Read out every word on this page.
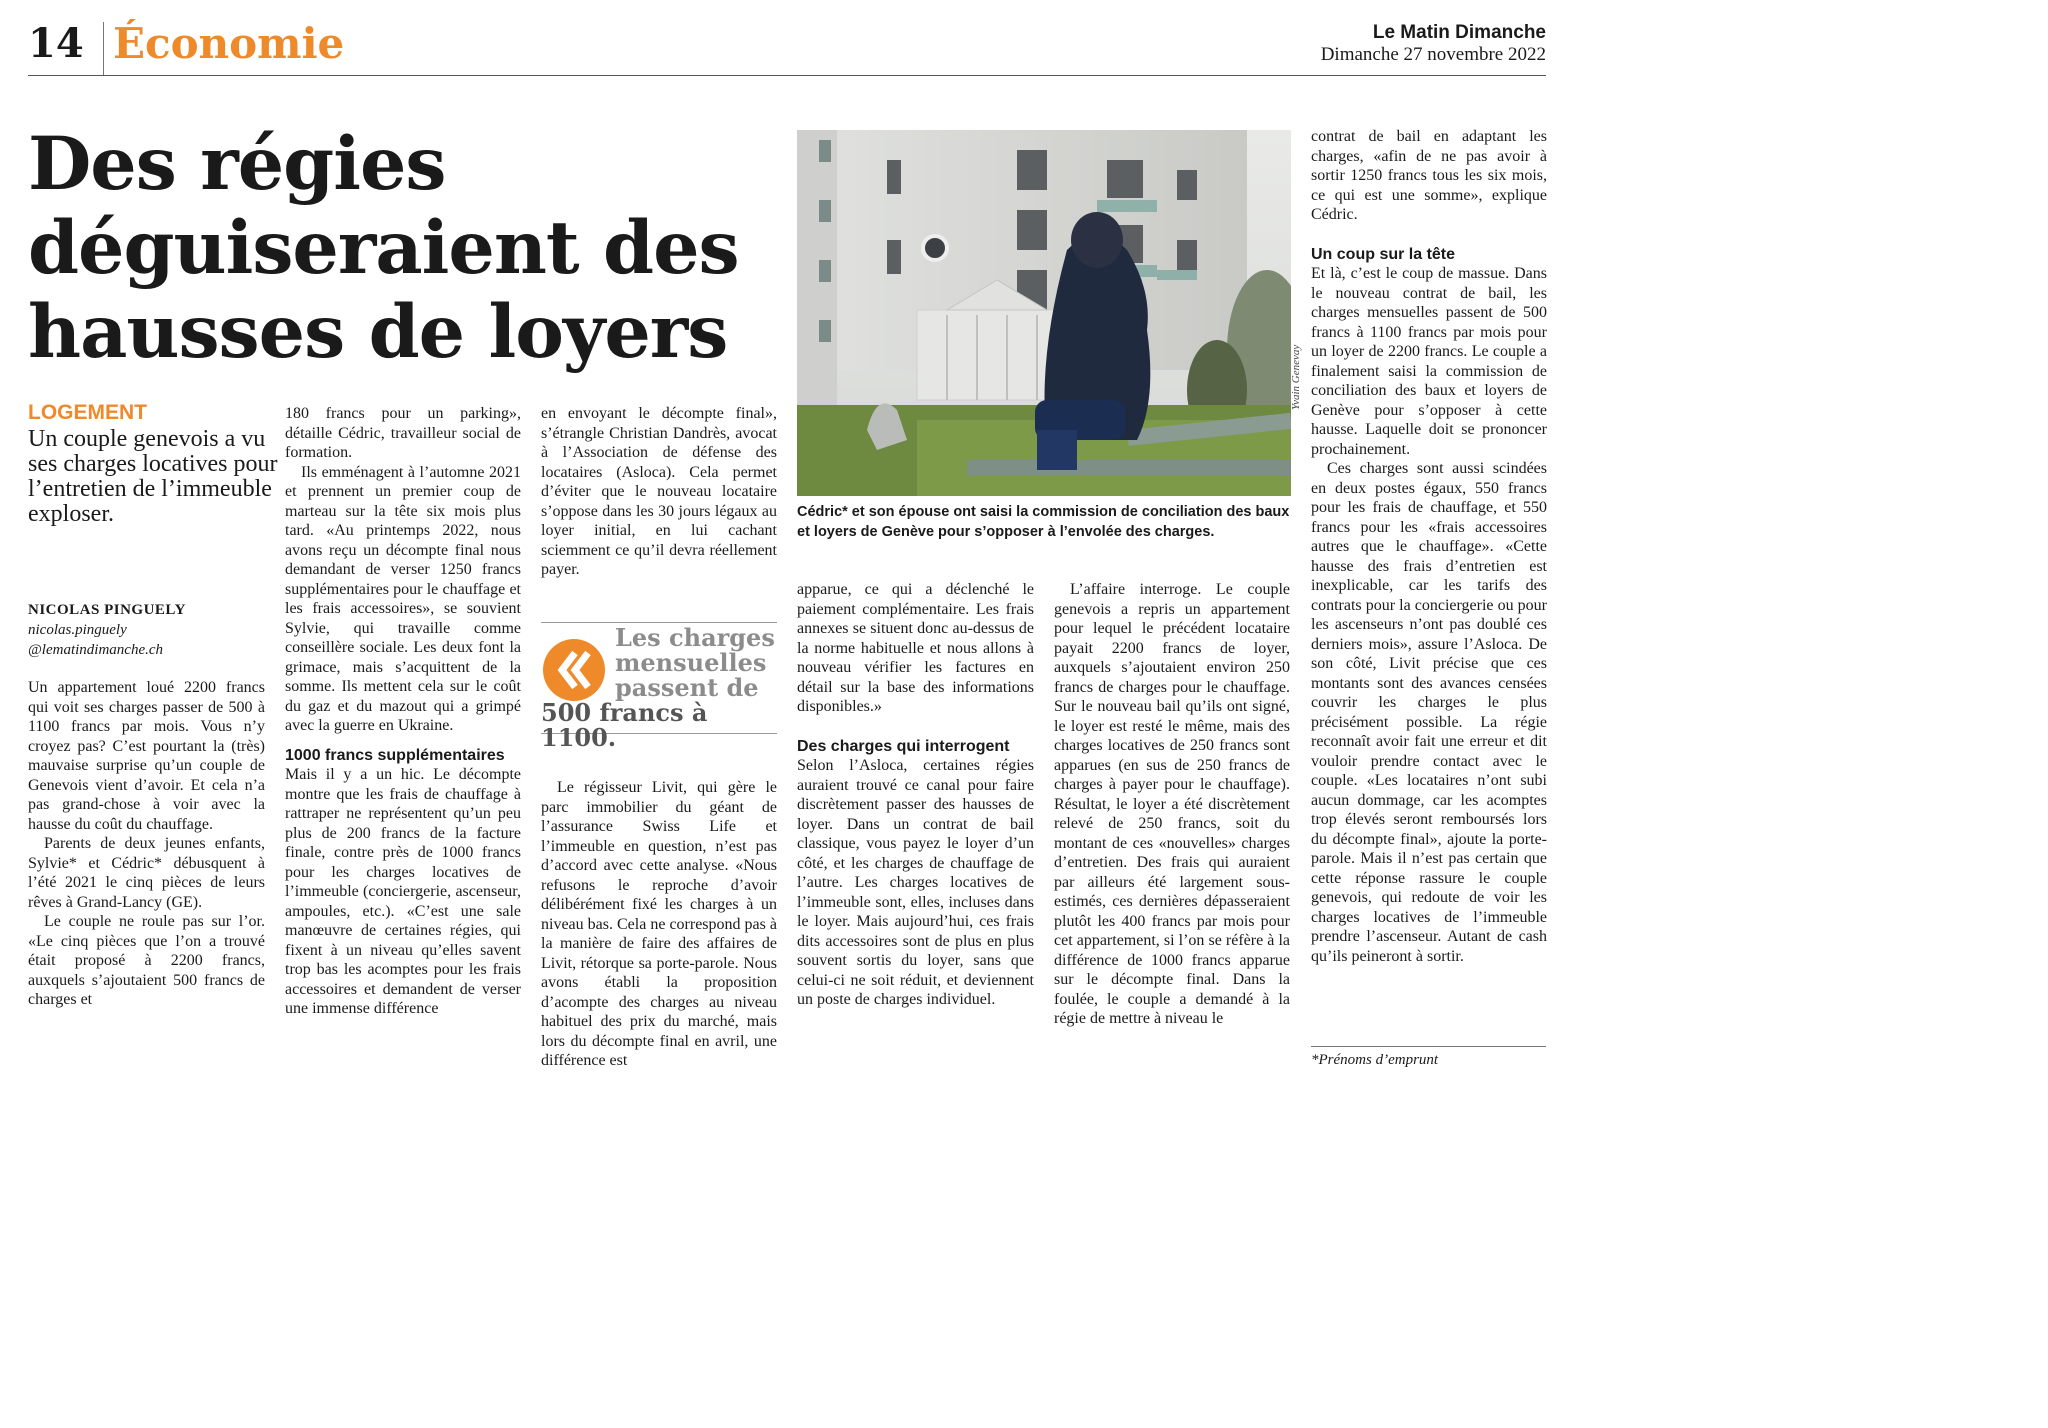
14 Économie	Le Matin Dimanche
Dimanche 27 novembre 2022
Des régies déguiseraient des hausses de loyers
LOGEMENT
Un couple genevois a vu ses charges locatives pour l’entretien de l’immeuble exploser.
NICOLAS PINGUELY
nicolas.pinguely
@lematindimanche.ch

Un appartement loué 2200 francs qui voit ses charges passer de 500 à 1100 francs par mois. Vous n’y croyez pas? C’est pourtant la (très) mauvaise surprise qu’un couple de Genevois vient d’avoir. Et cela n’a pas grand-chose à voir avec la hausse du coût du chauffage.

Parents de deux jeunes enfants, Sylvie* et Cédric* débusquent à l’été 2021 le cinq pièces de leurs rêves à Grand-Lancy (GE).

Le couple ne roule pas sur l’or. «Le cinq pièces que l’on a trouvé était proposé à 2200 francs, auxquels s’ajoutaient 500 francs de charges et

180 francs pour un parking», détaille Cédric, travailleur social de formation.

Ils emménagent à l’automne 2021 et prennent un premier coup de marteau sur la tête six mois plus tard. «Au printemps 2022, nous avons reçu un décompte final nous demandant de verser 1250 francs supplémentaires pour le chauffage et les frais accessoires», se souvient Sylvie, qui travaille comme conseillère sociale. Les deux font la grimace, mais s’acquittent de la somme. Ils mettent cela sur le coût du gaz et du mazout qui a grimpé avec la guerre en Ukraine.

1000 francs supplémentaires

Mais il y a un hic. Le décompte montre que les frais de chauffage à rattraper ne représentent qu’un peu plus de 200 francs de la facture finale, contre près de 1000 francs pour les charges locatives de l’immeuble (conciergerie, ascenseur, ampoules, etc.). «C’est une sale manœuvre de certaines régies, qui fixent à un niveau qu’elles savent trop bas les acomptes pour les frais accessoires et demandent de verser une immense différence

en envoyant le décompte final», s’étrangle Christian Dandrès, avocat à l’Association de défense des locataires (Asloca). Cela permet d’éviter que le nouveau locataire s’oppose dans les 30 jours légaux au loyer initial, en lui cachant sciemment ce qu’il devra réellement payer.

Les charges
mensuelles
passent de
500 francs à 1100.

Le régisseur Livit, qui gère le parc immobilier du géant de l’assurance Swiss Life et l’immeuble en question, n’est pas d’accord avec cette analyse. «Nous refusons le reproche d’avoir délibérément fixé les charges à un niveau bas. Cela ne correspond pas à la manière de faire des affaires de Livit, rétorque sa porte-parole. Nous avons établi la proposition d’acompte des charges au niveau habituel des prix du marché, mais lors du décompte final en avril, une différence est

Yvain Genevay
Cédric* et son épouse ont saisi la commission de conciliation des baux et loyers de Genève pour s’opposer à l’envolée des charges.

apparue, ce qui a déclenché le paiement complémentaire. Les frais annexes se situent donc au-dessus de la norme habituelle et nous allons à nouveau vérifier les factures en détail sur la base des informations disponibles.»

Des charges qui interrogent

Selon l’Asloca, certaines régies auraient trouvé ce canal pour faire discrètement passer des hausses de loyer. Dans un contrat de bail classique, vous payez le loyer d’un côté, et les charges de chauffage de l’autre. Les charges locatives de l’immeuble sont, elles, incluses dans le loyer. Mais aujourd’hui, ces frais dits accessoires sont de plus en plus souvent sortis du loyer, sans que celui-ci ne soit réduit, et deviennent un poste de charges individuel.

L’affaire interroge. Le couple genevois a repris un appartement pour lequel le précédent locataire payait 2200 francs de loyer, auxquels s’ajoutaient environ 250 francs de charges pour le chauffage. Sur le nouveau bail qu’ils ont signé, le loyer est resté le même, mais des charges locatives de 250 francs sont apparues (en sus de 250 francs de charges à payer pour le chauffage). Résultat, le loyer a été discrètement relevé de 250 francs, soit du montant de ces «nouvelles» charges d’entretien. Des frais qui auraient par ailleurs été largement sous-estimés, ces dernières dépasseraient plutôt les 400 francs par mois pour cet appartement, si l’on se réfère à la différence de 1000 francs apparue sur le décompte final. Dans la foulée, le couple a demandé à la régie de mettre à niveau le

contrat de bail en adaptant les charges, «afin de ne pas avoir à sortir 1250 francs tous les six mois, ce qui est une somme», explique Cédric.

Un coup sur la tête

Et là, c’est le coup de massue. Dans le nouveau contrat de bail, les charges mensuelles passent de 500 francs à 1100 francs par mois pour un loyer de 2200 francs. Le couple a finalement saisi la commission de conciliation des baux et loyers de Genève pour s’opposer à cette hausse. Laquelle doit se prononcer prochainement.

Ces charges sont aussi scindées en deux postes égaux, 550 francs pour les frais de chauffage, et 550 francs pour les «frais accessoires autres que le chauffage». «Cette hausse des frais d’entretien est inexplicable, car les tarifs des contrats pour la conciergerie ou pour les ascenseurs n’ont pas doublé ces derniers mois», assure l’Asloca. De son côté, Livit précise que ces montants sont des avances censées couvrir les charges le plus précisément possible. La régie reconnaît avoir fait une erreur et dit vouloir prendre contact avec le couple. «Les locataires n’ont subi aucun dommage, car les acomptes trop élevés seront remboursés lors du décompte final», ajoute la porte-parole. Mais il n’est pas certain que cette réponse rassure le couple genevois, qui redoute de voir les charges locatives de l’immeuble prendre l’ascenseur. Autant de cash qu’ils peineront à sortir.

*Prénoms d’emprunt
